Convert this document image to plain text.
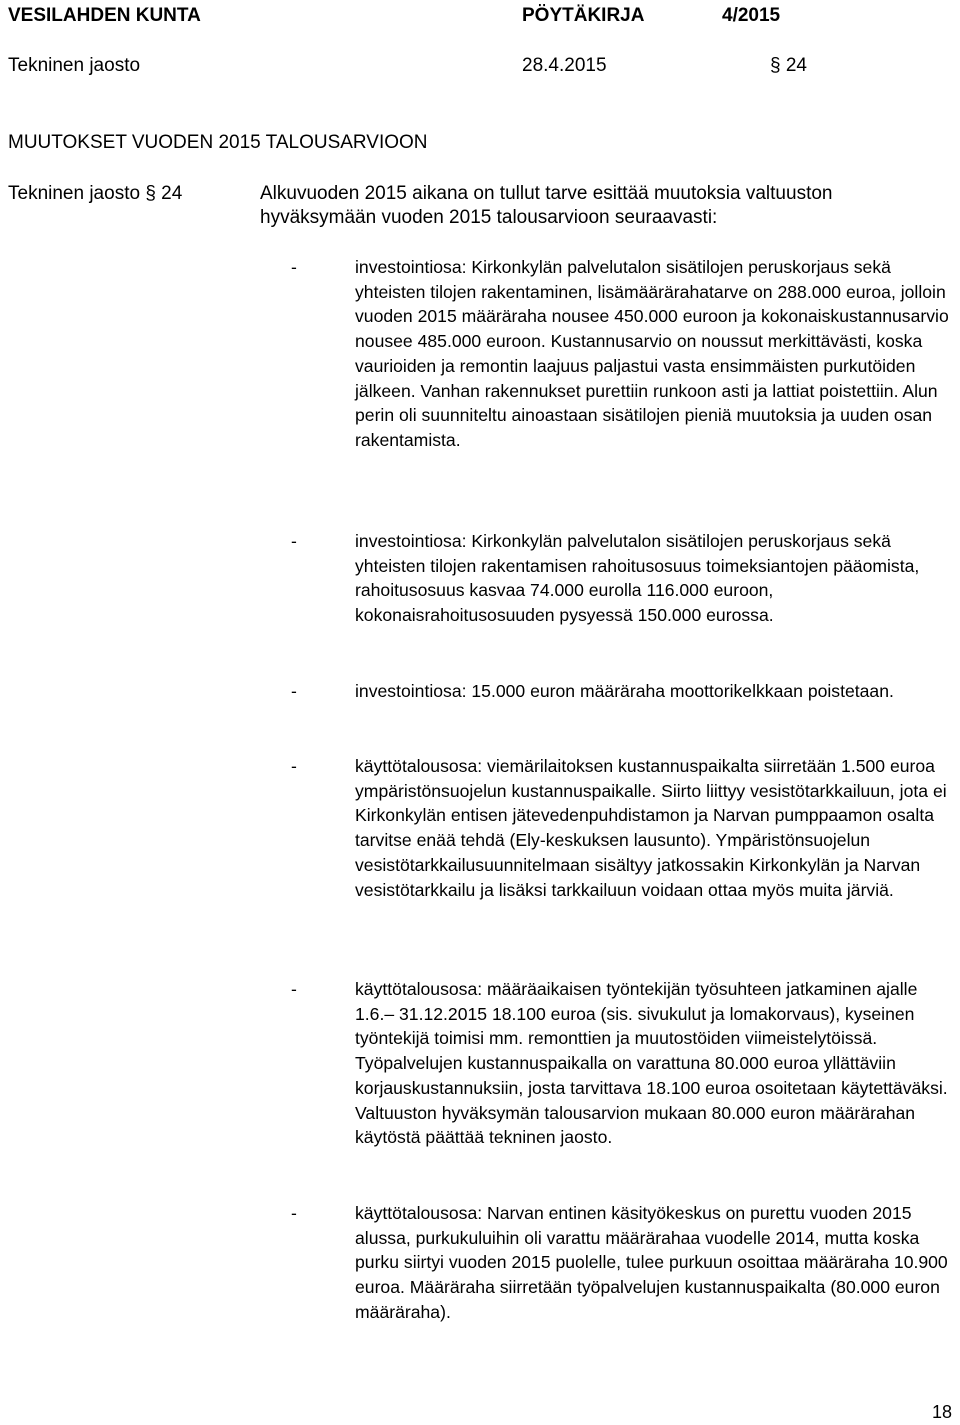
VESILAHDEN KUNTA	PÖYTÄKIRJA	4/2015
Tekninen jaosto	28.4.2015	§ 24
MUUTOKSET VUODEN 2015 TALOUSARVIOON
Tekninen jaosto § 24	Alkuvuoden 2015 aikana on tullut tarve esittää muutoksia valtuuston hyväksymään vuoden 2015 talousarvioon seuraavasti:

-	investointiosa: Kirkonkylän palvelutalon sisätilojen peruskorjaus sekä yhteisten tilojen rakentaminen, lisämäärärahatarve on 288.000 euroa, jolloin vuoden 2015 määräraha nousee 450.000 euroon ja kokonaiskustannusarvio nousee 485.000 euroon. Kustannusarvio on noussut merkittävästi, koska vaurioiden ja remontin laajuus paljastui vasta ensimmäisten purkutöiden jälkeen. Vanhan rakennukset purettiin runkoon asti ja lattiat poistettiin. Alun perin oli suunniteltu ainoastaan sisätilojen pieniä muutoksia ja uuden osan rakentamista.

-	investointiosa: Kirkonkylän palvelutalon sisätilojen peruskorjaus sekä yhteisten tilojen rakentamisen rahoitusosuus toimeksiantojen pääomista, rahoitusosuus kasvaa 74.000 eurolla 116.000 euroon, kokonaisrahoitusosuuden pysyessä 150.000 eurossa.

-	investointiosa: 15.000 euron määräraha moottorikelkkaan poistetaan.

-	käyttötalousosa: viemärilaitoksen kustannuspaikalta siirretään 1.500 euroa ympäristönsuojelun kustannuspaikalle. Siirto liittyy vesistötarkkailuun, jota ei Kirkonkylän entisen jätevedenpuhdistamon ja Narvan pumppaamon osalta tarvitse enää tehdä (Ely-keskuksen lausunto). Ympäristönsuojelun vesistötarkkailusuunnitelmaan sisältyy jatkossakin Kirkonkylän ja Narvan vesistötarkkailu ja lisäksi tarkkailuun voidaan ottaa myös muita järviä.

-	käyttötalousosa: määräaikaisen työntekijän työsuhteen jatkaminen ajalle 1.6.– 31.12.2015 18.100 euroa (sis. sivukulut ja lomakorvaus), kyseinen työntekijä toimisi mm. remonttien ja muutostöiden viimeistelytöissä. Työpalvelujen kustannuspaikalla on varattuna 80.000 euroa yllättäviin korjauskustannuksiin, josta tarvittava 18.100 euroa osoitetaan käytettäväksi. Valtuuston hyväksymän talousarvion mukaan 80.000 euron määrärahan käytöstä päättää tekninen jaosto.

-	käyttötalousosa: Narvan entinen käsityökeskus on purettu vuoden 2015 alussa, purkukuluihin oli varattu määrärahaa vuodelle 2014, mutta koska purku siirtyi vuoden 2015 puolelle, tulee purkuun osoittaa määräraha 10.900 euroa. Määräraha siirretään työpalvelujen kustannuspaikalta (80.000 euron määräraha).

18
